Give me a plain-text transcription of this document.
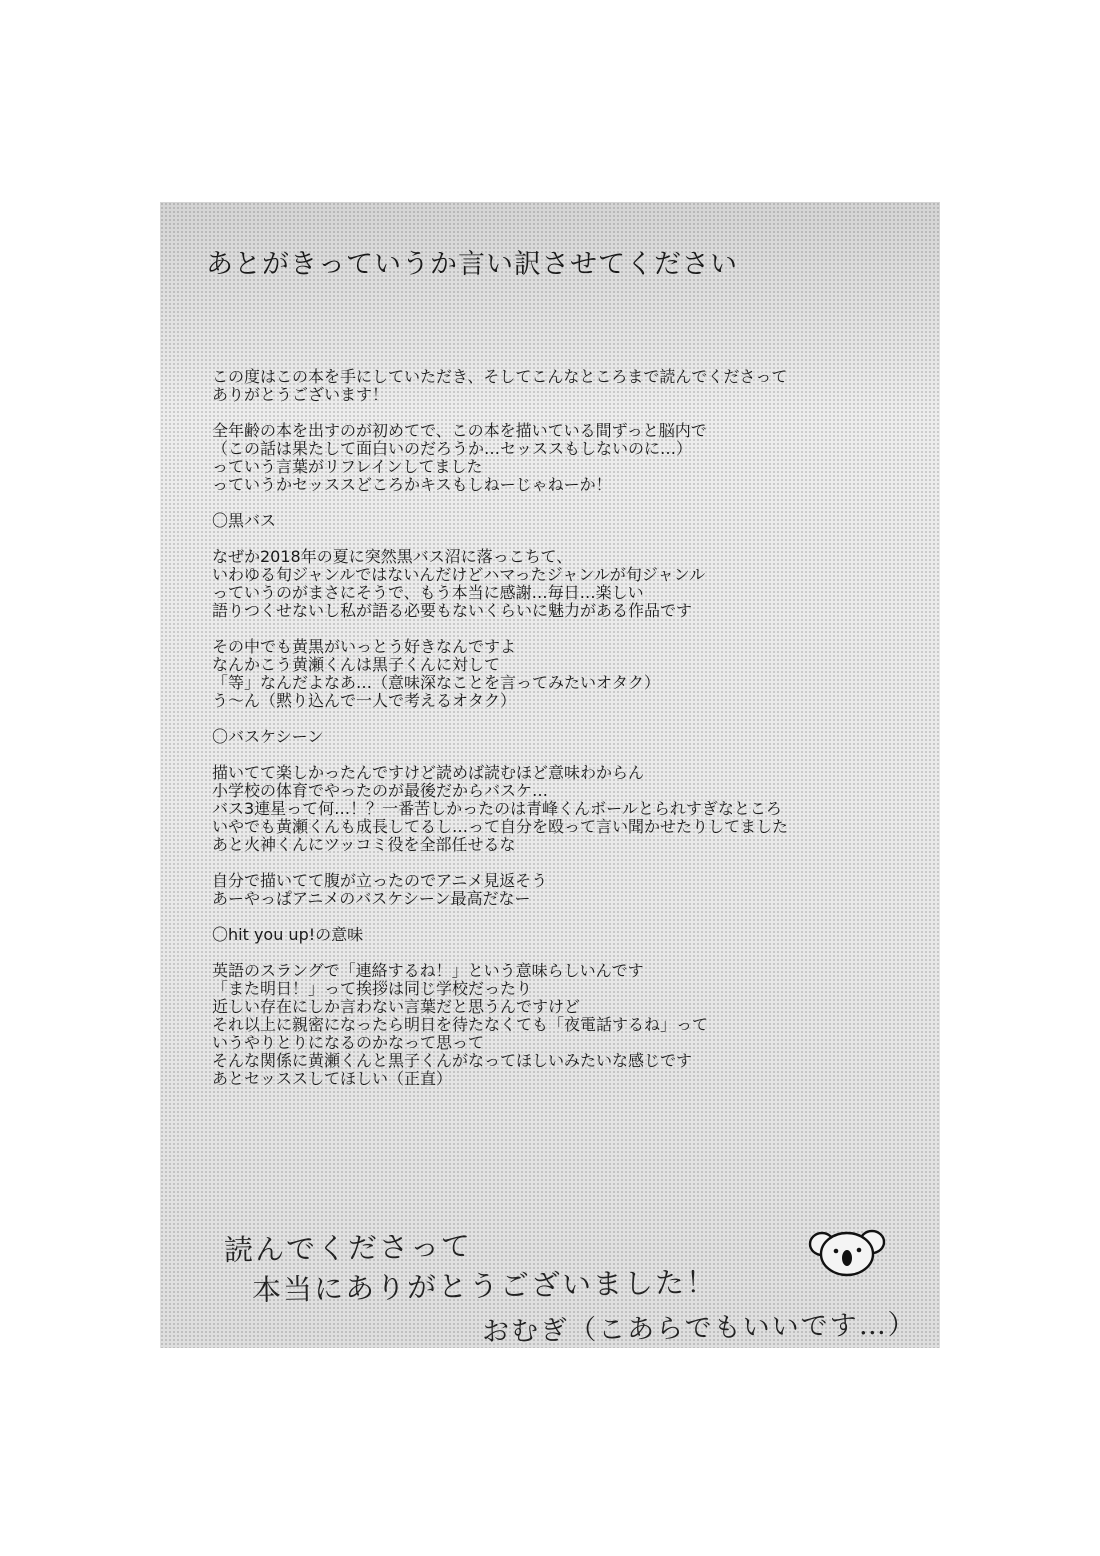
あとがきっていうか言い訳させてください

この度はこの本を手にしていただき、そしてこんなところまで読んでくださって
ありがとうございます！

全年齢の本を出すのが初めてで、この本を描いている間ずっと脳内で
（この話は果たして面白いのだろうか…セッススもしないのに…）
っていう言葉がリフレインしてました
っていうかセッススどころかキスもしねーじゃねーか！

〇黒バス

なぜか2018年の夏に突然黒バス沼に落っこちて、
いわゆる旬ジャンルではないんだけどハマったジャンルが旬ジャンル
っていうのがまさにそうで、もう本当に感謝…毎日…楽しい
語りつくせないし私が語る必要もないくらいに魅力がある作品です

その中でも黄黒がいっとう好きなんですよ
なんかこう黄瀬くんは黒子くんに対して
「等」なんだよなあ…（意味深なことを言ってみたいオタク）
う〜ん（黙り込んで一人で考えるオタク）

〇バスケシーン

描いてて楽しかったんですけど読めば読むほど意味わからん
小学校の体育でやったのが最後だからバスケ…
バス3連星って何…！？一番苦しかったのは青峰くんボールとられすぎなところ
いやでも黄瀬くんも成長してるし…って自分を殴って言い聞かせたりしてました
あと火神くんにツッコミ役を全部任せるな

自分で描いてて腹が立ったのでアニメ見返そう
あーやっぱアニメのバスケシーン最高だなー

〇hit you up!の意味

英語のスラングで「連絡するね！」という意味らしいんです
「また明日！」って挨拶は同じ学校だったり
近しい存在にしか言わない言葉だと思うんですけど
それ以上に親密になったら明日を待たなくても「夜電話するね」って
いうやりとりになるのかなって思って
そんな関係に黄瀬くんと黒子くんがなってほしいみたいな感じです
あとセッススしてほしい（正直）

読んでくださって
本当にありがとうございました！
おむぎ（こあらでもいいです…）
